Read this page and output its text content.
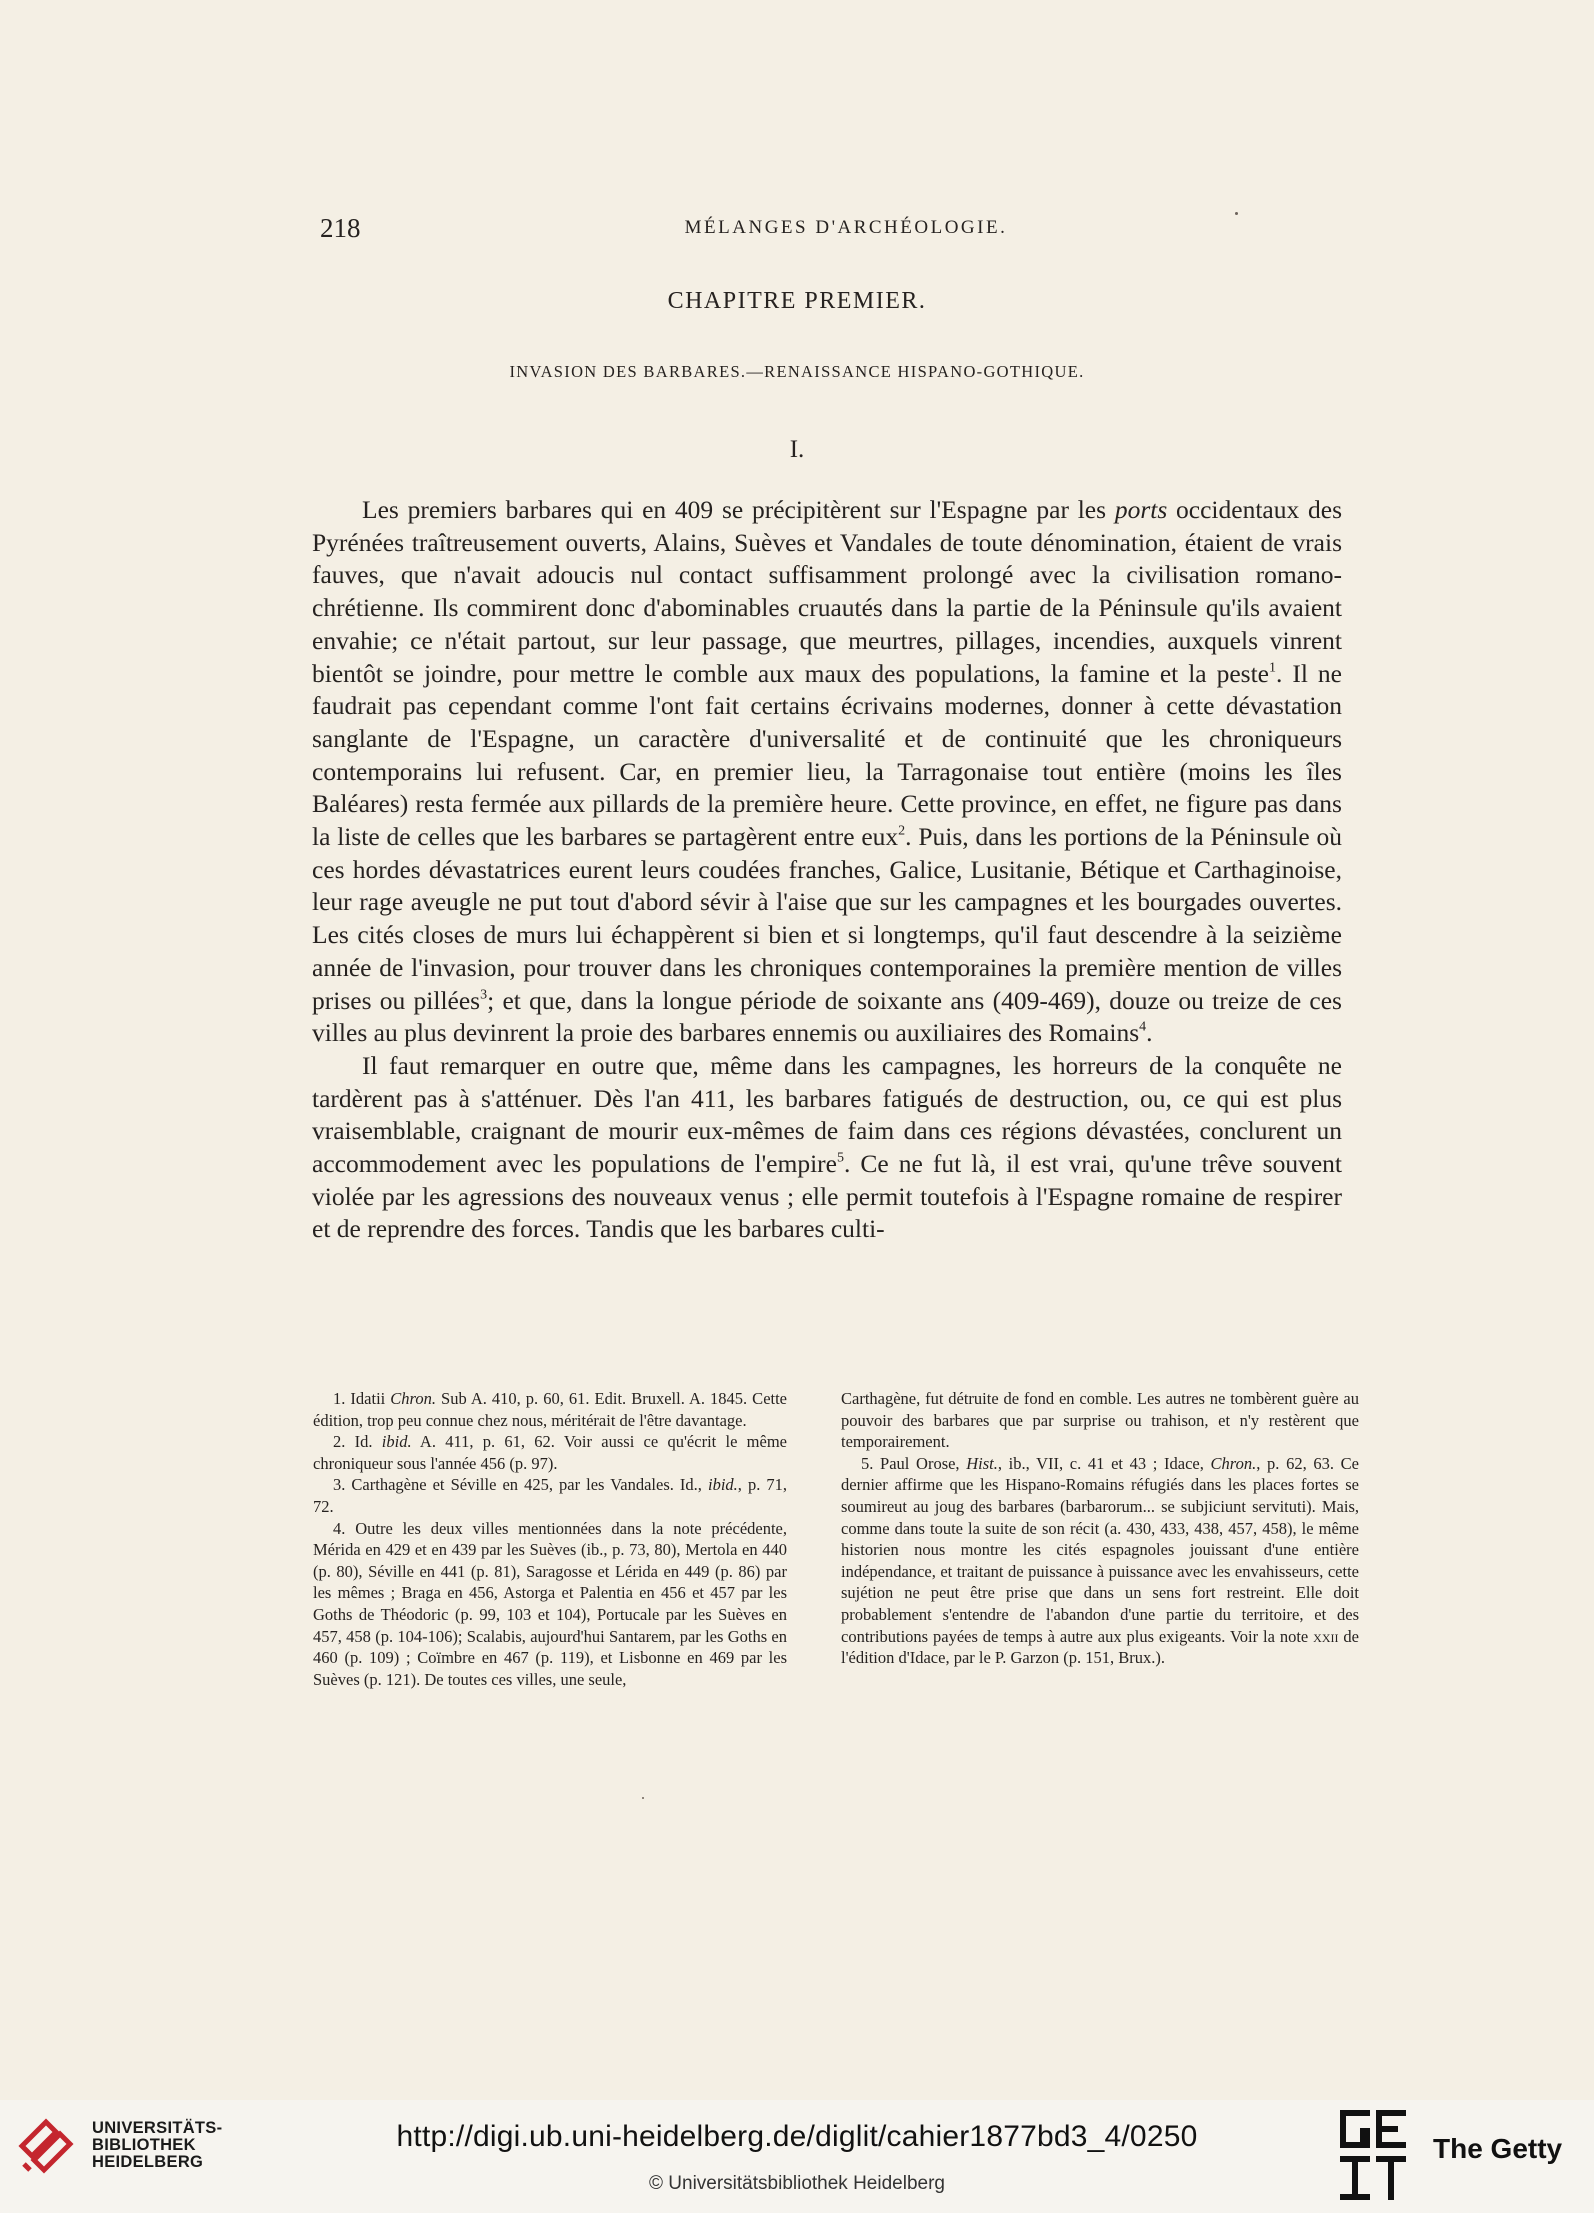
218	MÉLANGES D'ARCHÉOLOGIE.
CHAPITRE PREMIER.
INVASION DES BARBARES.—RENAISSANCE HISPANO-GOTHIQUE.
I.

Les premiers barbares qui en 409 se précipitèrent sur l'Espagne par les ports occidentaux des Pyrénées traîtreusement ouverts, Alains, Suèves et Vandales de toute dénomination, étaient de vrais fauves, que n'avait adoucis nul contact suffisamment prolongé avec la civilisation romano-chrétienne. Ils commirent donc d'abominables cruautés dans la partie de la Péninsule qu'ils avaient envahie; ce n'était partout, sur leur passage, que meurtres, pillages, incendies, auxquels vinrent bientôt se joindre, pour mettre le comble aux maux des populations, la famine et la peste$^1$. Il ne faudrait pas cependant comme l'ont fait certains écrivains modernes, donner à cette dévastation sanglante de l'Espagne, un caractère d'universalité et de continuité que les chroniqueurs contemporains lui refusent. Car, en premier lieu, la Tarragonaise tout entière (moins les îles Baléares) resta fermée aux pillards de la première heure. Cette province, en effet, ne figure pas dans la liste de celles que les barbares se partagèrent entre eux$^2$. Puis, dans les portions de la Péninsule où ces hordes dévastatrices eurent leurs coudées franches, Galice, Lusitanie, Bétique et Carthaginoise, leur rage aveugle ne put tout d'abord sévir à l'aise que sur les campagnes et les bourgades ouvertes. Les cités closes de murs lui échappèrent si bien et si longtemps, qu'il faut descendre à la seizième année de l'invasion, pour trouver dans les chroniques contemporaines la première mention de villes prises ou pillées$^3$; et que, dans la longue période de soixante ans (409-469), douze ou treize de ces villes au plus devinrent la proie des barbares ennemis ou auxiliaires des Romains$^4$.

Il faut remarquer en outre que, même dans les campagnes, les horreurs de la conquête ne tardèrent pas à s'atténuer. Dès l'an 411, les barbares fatigués de destruction, ou, ce qui est plus vraisemblable, craignant de mourir eux-mêmes de faim dans ces régions dévastées, conclurent un accommodement avec les populations de l'empire$^5$. Ce ne fut là, il est vrai, qu'une trêve souvent violée par les agressions des nouveaux venus ; elle permit toutefois à l'Espagne romaine de respirer et de reprendre des forces. Tandis que les barbares culti-

1. Idatii Chron. Sub A. 410, p. 60, 61. Edit. Bruxell. A. 1845. Cette édition, trop peu connue chez nous, méritérait de l'être davantage.

2. Id. ibid. A. 411, p. 61, 62. Voir aussi ce qu'écrit le même chroniqueur sous l'année 456 (p. 97).

3. Carthagène et Séville en 425, par les Vandales. Id., ibid., p. 71, 72.

4. Outre les deux villes mentionnées dans la note précédente, Mérida en 429 et en 439 par les Suèves (ib., p. 73, 80), Mertola en 440 (p. 80), Séville en 441 (p. 81), Saragosse et Lérida en 449 (p. 86) par les mêmes ; Braga en 456, Astorga et Palentia en 456 et 457 par les Goths de Théodoric (p. 99, 103 et 104), Portucale par les Suèves en 457, 458 (p. 104-106); Scalabis, aujourd'hui Santarem, par les Goths en 460 (p. 109) ; Coïmbre en 467 (p. 119), et Lisbonne en 469 par les Suèves (p. 121). De toutes ces villes, une seule,

Carthagène, fut détruite de fond en comble. Les autres ne tombèrent guère au pouvoir des barbares que par surprise ou trahison, et n'y restèrent que temporairement.

5. Paul Orose, Hist., ib., VII, c. 41 et 43 ; Idace, Chron., p. 62, 63. Ce dernier affirme que les Hispano-Romains réfugiés dans les places fortes se soumireut au joug des barbares (barbarorum... se subjiciunt servituti). Mais, comme dans toute la suite de son récit (a. 430, 433, 438, 457, 458), le même historien nous montre les cités espagnoles jouissant d'une entière indépendance, et traitant de puissance à puissance avec les envahisseurs, cette sujétion ne peut être prise que dans un sens fort restreint. Elle doit probablement s'entendre de l'abandon d'une partie du territoire, et des contributions payées de temps à autre aux plus exigeants. Voir la note xxii de l'édition d'Idace, par le P. Garzon (p. 151, Brux.).

UNIVERSITÄTS-
BIBLIOTHEK
HEIDELBERG
http://digi.ub.uni-heidelberg.de/diglit/cahier1877bd3_4/0250
© Universitätsbibliothek Heidelberg
The Getty
